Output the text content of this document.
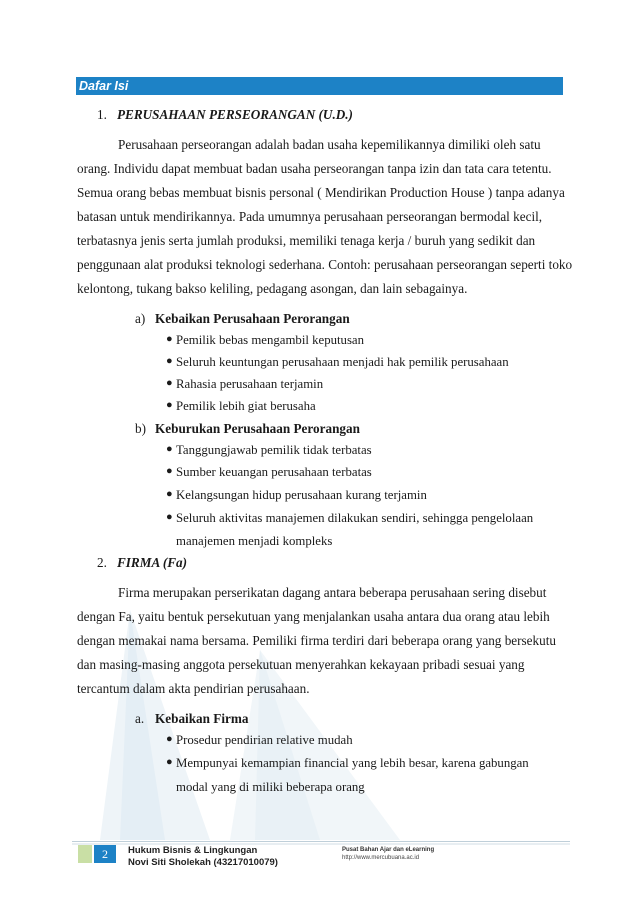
Dafar Isi
1. PERUSAHAAN PERSEORANGAN (U.D.)
Perusahaan perseorangan adalah badan usaha kepemilikannya dimiliki oleh satu
orang. Individu dapat membuat badan usaha perseorangan tanpa izin dan tata cara tetentu.
Semua orang bebas membuat bisnis personal ( Mendirikan Production House ) tanpa adanya
batasan untuk mendirikannya. Pada umumnya perusahaan perseorangan bermodal kecil,
terbatasnya jenis serta jumlah produksi, memiliki tenaga kerja / buruh yang sedikit dan
penggunaan alat produksi teknologi sederhana. Contoh: perusahaan perseorangan seperti toko
kelontong, tukang bakso keliling, pedagang asongan, dan lain sebagainya.
a) Kebaikan Perusahaan Perorangan
● Pemilik bebas mengambil keputusan
● Seluruh keuntungan perusahaan menjadi hak pemilik perusahaan
● Rahasia perusahaan terjamin
● Pemilik lebih giat berusaha
b) Keburukan Perusahaan Perorangan
● Tanggungjawab pemilik tidak terbatas
● Sumber keuangan perusahaan terbatas
● Kelangsungan hidup perusahaan kurang terjamin
● Seluruh aktivitas manajemen dilakukan sendiri, sehingga pengelolaan
manajemen menjadi kompleks
2. FIRMA (Fa)
Firma merupakan perserikatan dagang antara beberapa perusahaan sering disebut
dengan Fa, yaitu bentuk persekutuan yang menjalankan usaha antara dua orang atau lebih
dengan memakai nama bersama. Pemiliki firma terdiri dari beberapa orang yang bersekutu
dan masing-masing anggota persekutuan menyerahkan kekayaan pribadi sesuai yang
tercantum dalam akta pendirian perusahaan.
a. Kebaikan Firma
● Prosedur pendirian relative mudah
● Mempunyai kemampian financial yang lebih besar, karena gabungan
modal yang di miliki beberapa orang
2	Hukum Bisnis & Lingkungan
Novi Siti Sholekah (43217010079)
Pusat Bahan Ajar dan eLearning
http://www.mercubuana.ac.id
